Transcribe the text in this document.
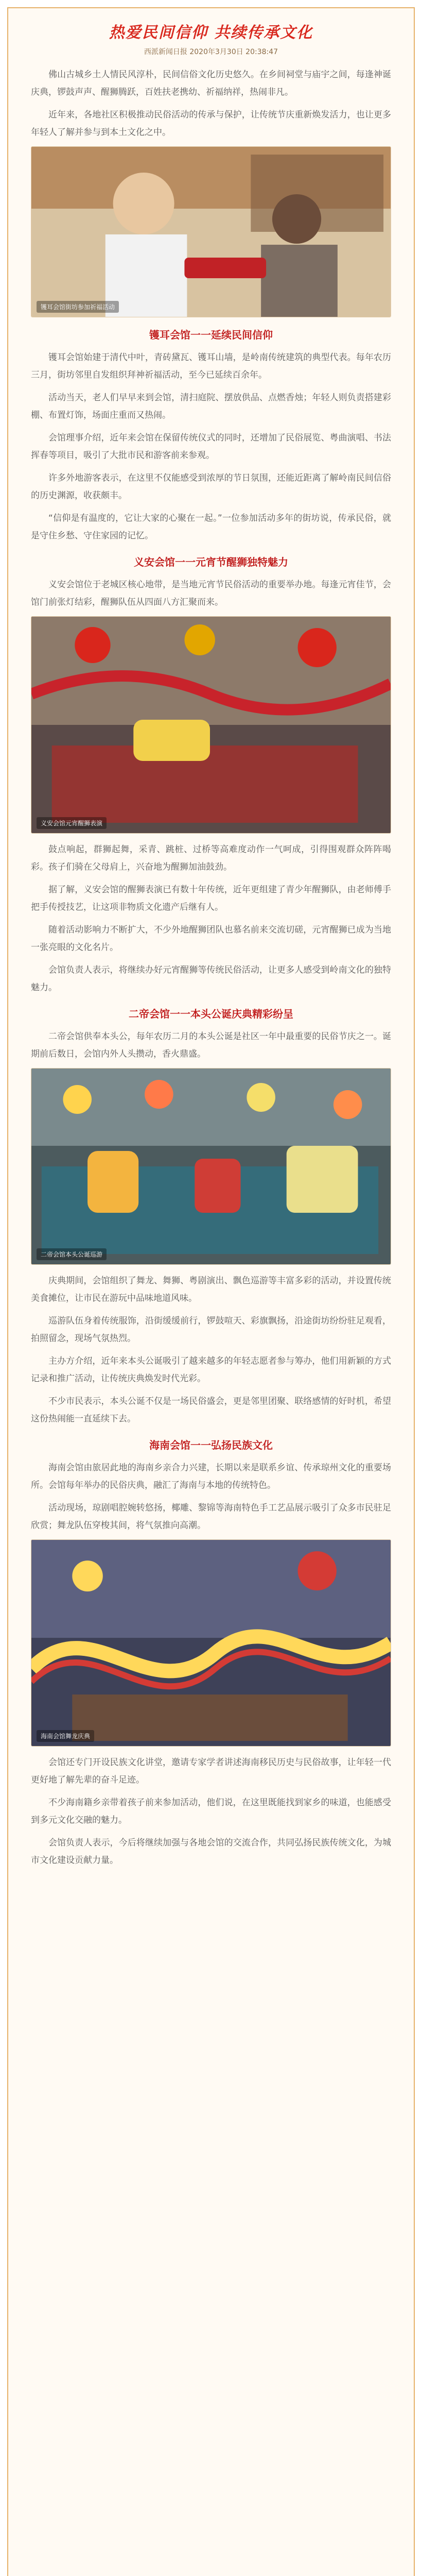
热爱民间信仰 共续传承文化
西派新闻日报 2020年3月30日 20:38:47

佛山古城乡土人情民风淳朴，民间信俗文化历史悠久。在乡间祠堂与庙宇之间，每逢神诞庆典，锣鼓声声、醒狮腾跃，百姓扶老携幼、祈福纳祥，热闹非凡。

近年来，各地社区积极推动民俗活动的传承与保护，让传统节庆重新焕发活力，也让更多年轻人了解并参与到本土文化之中。

镬耳会馆街坊参加祈福活动
镬耳会馆一一延续民间信仰

镬耳会馆始建于清代中叶，青砖黛瓦、镬耳山墙，是岭南传统建筑的典型代表。每年农历三月，街坊邻里自发组织拜神祈福活动，至今已延续百余年。

活动当天，老人们早早来到会馆，清扫庭院、摆放供品、点燃香烛；年轻人则负责搭建彩棚、布置灯饰，场面庄重而又热闹。

会馆理事介绍，近年来会馆在保留传统仪式的同时，还增加了民俗展览、粤曲演唱、书法挥春等项目，吸引了大批市民和游客前来参观。

许多外地游客表示，在这里不仅能感受到浓厚的节日氛围，还能近距离了解岭南民间信俗的历史渊源，收获颇丰。

“信仰是有温度的，它让大家的心聚在一起。”一位参加活动多年的街坊说，传承民俗，就是守住乡愁、守住家园的记忆。

义安会馆一一元宵节醒狮独特魅力

义安会馆位于老城区核心地带，是当地元宵节民俗活动的重要举办地。每逢元宵佳节，会馆门前张灯结彩，醒狮队伍从四面八方汇聚而来。

义安会馆元宵醒狮表演

鼓点响起，群狮起舞，采青、跳桩、过桥等高难度动作一气呵成，引得围观群众阵阵喝彩。孩子们骑在父母肩上，兴奋地为醒狮加油鼓劲。

据了解，义安会馆的醒狮表演已有数十年传统，近年更组建了青少年醒狮队，由老师傅手把手传授技艺，让这项非物质文化遗产后继有人。

随着活动影响力不断扩大，不少外地醒狮团队也慕名前来交流切磋，元宵醒狮已成为当地一张亮眼的文化名片。

会馆负责人表示，将继续办好元宵醒狮等传统民俗活动，让更多人感受到岭南文化的独特魅力。

二帝会馆一一本头公诞庆典精彩纷呈

二帝会馆供奉本头公，每年农历二月的本头公诞是社区一年中最重要的民俗节庆之一。诞期前后数日，会馆内外人头攒动，香火鼎盛。

二帝会馆本头公诞巡游

庆典期间，会馆组织了舞龙、舞狮、粤剧演出、飘色巡游等丰富多彩的活动，并设置传统美食摊位，让市民在游玩中品味地道风味。

巡游队伍身着传统服饰，沿街缓缓前行，锣鼓喧天、彩旗飘扬，沿途街坊纷纷驻足观看，拍照留念，现场气氛热烈。

主办方介绍，近年来本头公诞吸引了越来越多的年轻志愿者参与筹办，他们用新颖的方式记录和推广活动，让传统庆典焕发时代光彩。

不少市民表示，本头公诞不仅是一场民俗盛会，更是邻里团聚、联络感情的好时机，希望这份热闹能一直延续下去。

海南会馆一一弘扬民族文化

海南会馆由旅居此地的海南乡亲合力兴建，长期以来是联系乡谊、传承琼州文化的重要场所。会馆每年举办的民俗庆典，融汇了海南与本地的传统特色。

活动现场，琼剧唱腔婉转悠扬，椰雕、黎锦等海南特色手工艺品展示吸引了众多市民驻足欣赏；舞龙队伍穿梭其间，将气氛推向高潮。

海南会馆舞龙庆典

会馆还专门开设民族文化讲堂，邀请专家学者讲述海南移民历史与民俗故事，让年轻一代更好地了解先辈的奋斗足迹。

不少海南籍乡亲带着孩子前来参加活动，他们说，在这里既能找到家乡的味道，也能感受到多元文化交融的魅力。

会馆负责人表示，今后将继续加强与各地会馆的交流合作，共同弘扬民族传统文化，为城市文化建设贡献力量。
